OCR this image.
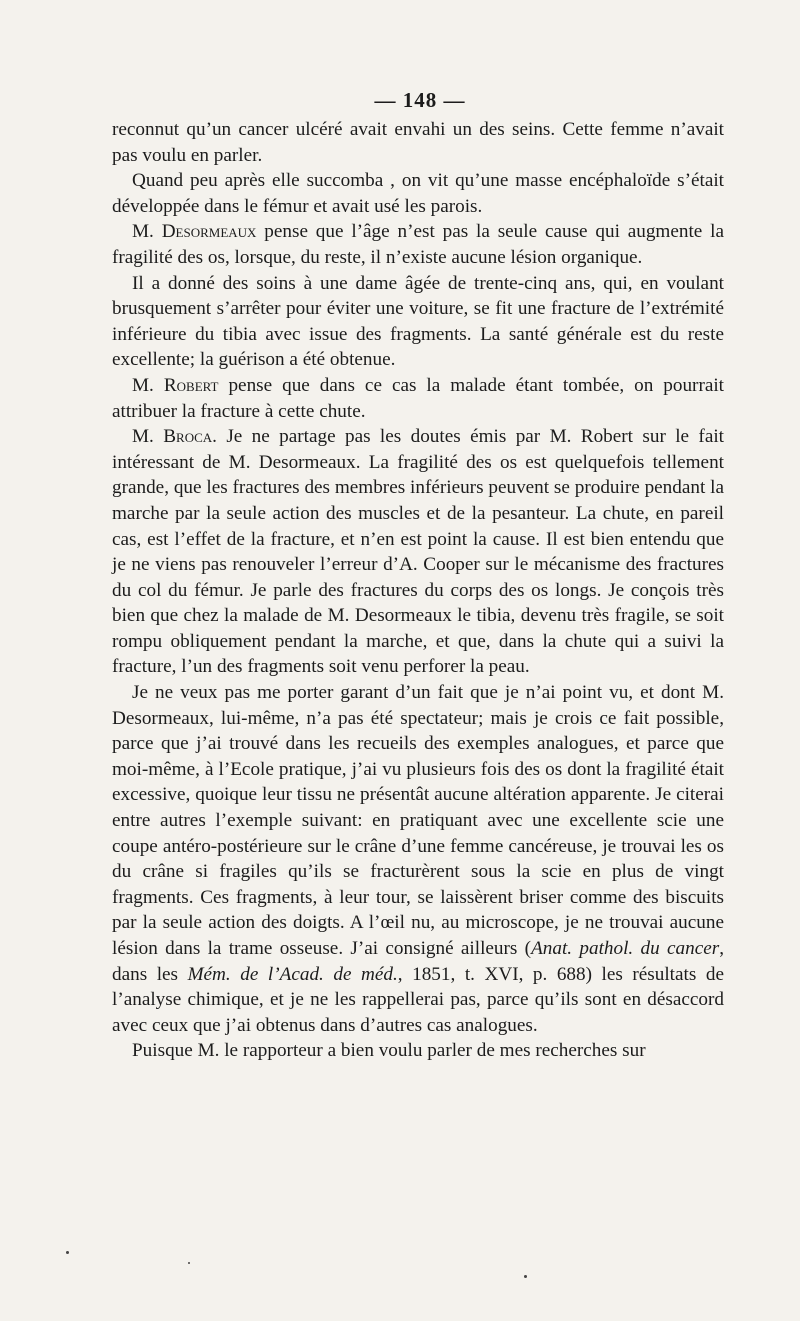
— 148 —

reconnut qu’un cancer ulcéré avait envahi un des seins. Cette femme n’avait pas voulu en parler.

Quand peu après elle succomba , on vit qu’une masse encéphaloïde s’était développée dans le fémur et avait usé les parois.

M. Desormeaux pense que l’âge n’est pas la seule cause qui augmente la fragilité des os, lorsque, du reste, il n’existe aucune lésion organique.

Il a donné des soins à une dame âgée de trente-cinq ans, qui, en voulant brusquement s’arrêter pour éviter une voiture, se fit une fracture de l’extrémité inférieure du tibia avec issue des fragments. La santé générale est du reste excellente; la guérison a été obtenue.

M. Robert pense que dans ce cas la malade étant tombée, on pourrait attribuer la fracture à cette chute.

M. Broca. Je ne partage pas les doutes émis par M. Robert sur le fait intéressant de M. Desormeaux. La fragilité des os est quelquefois tellement grande, que les fractures des membres inférieurs peuvent se produire pendant la marche par la seule action des muscles et de la pesanteur. La chute, en pareil cas, est l’effet de la fracture, et n’en est point la cause. Il est bien entendu que je ne viens pas renouveler l’erreur d’A. Cooper sur le mécanisme des fractures du col du fémur. Je parle des fractures du corps des os longs. Je conçois très bien que chez la malade de M. Desormeaux le tibia, devenu très fragile, se soit rompu obliquement pendant la marche, et que, dans la chute qui a suivi la fracture, l’un des fragments soit venu perforer la peau.

Je ne veux pas me porter garant d’un fait que je n’ai point vu, et dont M. Desormeaux, lui-même, n’a pas été spectateur; mais je crois ce fait possible, parce que j’ai trouvé dans les recueils des exemples analogues, et parce que moi-même, à l’Ecole pratique, j’ai vu plusieurs fois des os dont la fragilité était excessive, quoique leur tissu ne présentât aucune altération apparente. Je citerai entre autres l’exemple suivant: en pratiquant avec une excellente scie une coupe antéro-postérieure sur le crâne d’une femme cancéreuse, je trouvai les os du crâne si fragiles qu’ils se fracturèrent sous la scie en plus de vingt fragments. Ces fragments, à leur tour, se laissèrent briser comme des biscuits par la seule action des doigts. A l’œil nu, au microscope, je ne trouvai aucune lésion dans la trame osseuse. J’ai consigné ailleurs (Anat. pathol. du cancer, dans les Mém. de l’Acad. de méd., 1851, t. XVI, p. 688) les résultats de l’analyse chimique, et je ne les rappellerai pas, parce qu’ils sont en désaccord avec ceux que j’ai obtenus dans d’autres cas analogues.

Puisque M. le rapporteur a bien voulu parler de mes recherches sur
